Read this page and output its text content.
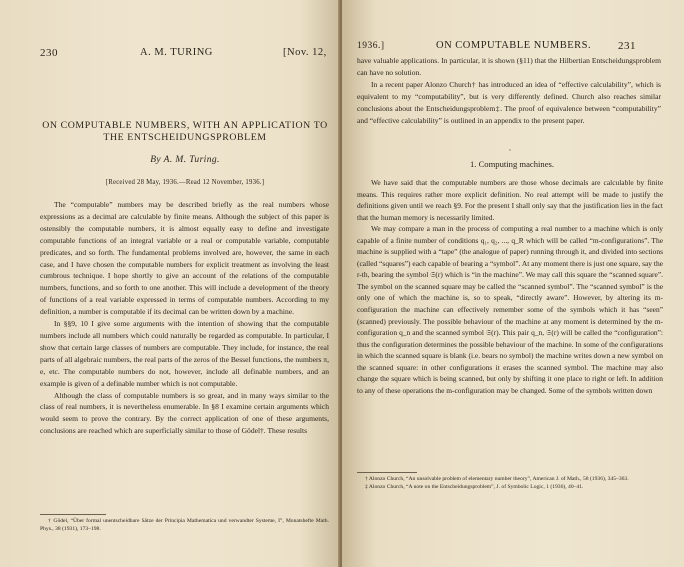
230	A. M. TURING	[Nov. 12,
ON COMPUTABLE NUMBERS, WITH AN APPLICATION TO
THE ENTSCHEIDUNGSPROBLEM
By A. M. Turing.
[Received 28 May, 1936.—Read 12 November, 1936.]

The “computable” numbers may be described briefly as the real numbers whose expressions as a decimal are calculable by finite means. Although the subject of this paper is ostensibly the computable numbers, it is almost equally easy to define and investigate computable functions of an integral variable or a real or computable variable, computable predicates, and so forth. The fundamental problems involved are, however, the same in each case, and I have chosen the computable numbers for explicit treatment as involving the least cumbrous technique. I hope shortly to give an account of the relations of the computable numbers, functions, and so forth to one another. This will include a development of the theory of functions of a real variable expressed in terms of computable numbers. According to my definition, a number is computable if its decimal can be written down by a machine.

In §§9, 10 I give some arguments with the intention of showing that the computable numbers include all numbers which could naturally be regarded as computable. In particular, I show that certain large classes of numbers are computable. They include, for instance, the real parts of all algebraic numbers, the real parts of the zeros of the Bessel functions, the numbers π, e, etc. The computable numbers do not, however, include all definable numbers, and an example is given of a definable number which is not computable.

Although the class of computable numbers is so great, and in many ways similar to the class of real numbers, it is nevertheless enumerable. In §8 I examine certain arguments which would seem to prove the contrary. By the correct application of one of these arguments, conclusions are reached which are superficially similar to those of Gödel†. These results

† Gödel, “Über formal unentscheidbare Sätze der Principia Mathematica und verwandter Systeme, I”, Monatshefte Math. Phys., 38 (1931), 173–198.
1936.]	ON COMPUTABLE NUMBERS. 231

have valuable applications. In particular, it is shown (§11) that the Hilbertian Entscheidungsproblem can have no solution.

In a recent paper Alonzo Church† has introduced an idea of “effective calculability”, which is equivalent to my “computability”, but is very differently defined. Church also reaches similar conclusions about the Entscheidungsproblem‡. The proof of equivalence between “computability” and “effective calculability” is outlined in an appendix to the present paper.

,
1. Computing machines.

We have said that the computable numbers are those whose decimals are calculable by finite means. This requires rather more explicit definition. No real attempt will be made to justify the definitions given until we reach §9. For the present I shall only say that the justification lies in the fact that the human memory is necessarily limited.

We may compare a man in the process of computing a real number to a machine which is only capable of a finite number of conditions q₁, q₂, ..., q_R which will be called “m-configurations”. The machine is supplied with a “tape” (the analogue of paper) running through it, and divided into sections (called “squares”) each capable of bearing a “symbol”. At any moment there is just one square, say the r-th, bearing the symbol 𝔖(r) which is “in the machine”. We may call this square the “scanned square”. The symbol on the scanned square may be called the “scanned symbol”. The “scanned symbol” is the only one of which the machine is, so to speak, “directly aware”. However, by altering its m-configuration the machine can effectively remember some of the symbols which it has “seen” (scanned) previously. The possible behaviour of the machine at any moment is determined by the m-configuration q_n and the scanned symbol 𝔖(r). This pair q_n, 𝔖(r) will be called the “configuration”: thus the configuration determines the possible behaviour of the machine. In some of the configurations in which the scanned square is blank (i.e. bears no symbol) the machine writes down a new symbol on the scanned square: in other configurations it erases the scanned symbol. The machine may also change the square which is being scanned, but only by shifting it one place to right or left. In addition to any of these operations the m-configuration may be changed. Some of the symbols written down

† Alonzo Church, “An unsolvable problem of elementary number theory”, American J. of Math., 58 (1936), 345–363.
‡ Alonzo Church, “A note on the Entscheidungsproblem”, J. of Symbolic Logic, 1 (1936), 40–41.
